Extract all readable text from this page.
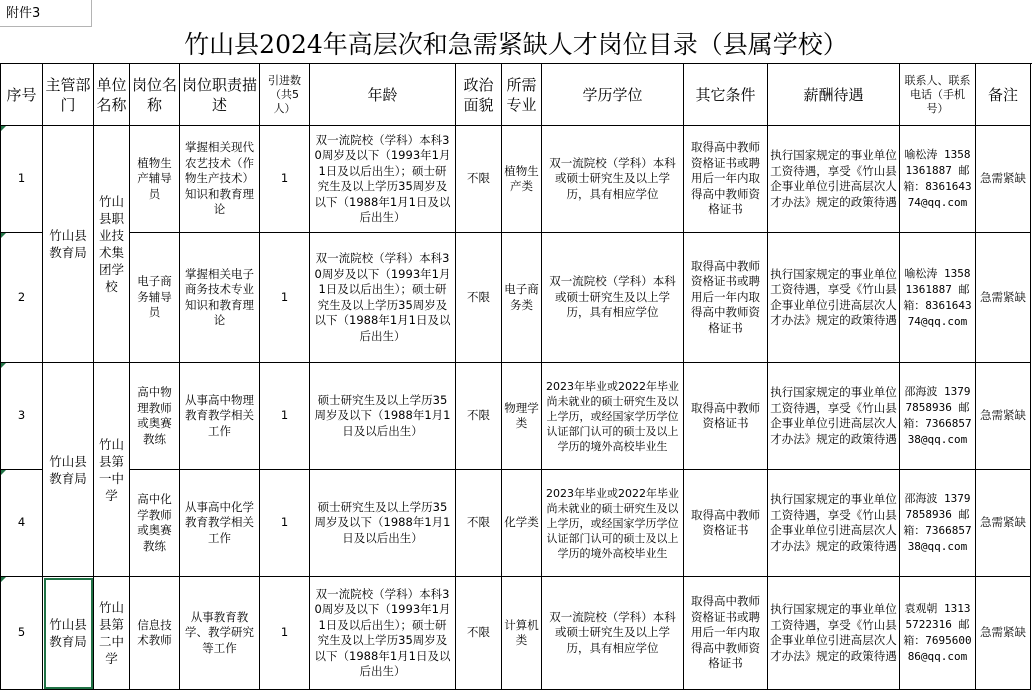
附件3
竹山县2024年高层次和急需紧缺人才岗位目录（县属学校）
序号	主管部门	单位名称	岗位名称	岗位职责描述	引进数（共5人）	年龄	政治面貌	所需专业	学历学位	其它条件	薪酬待遇	联系人、联系电话（手机号）	备注
1	竹山县教育局	竹山县职业技术集团学校	植物生产辅导员	掌握相关现代农艺技术（作物生产技术）知识和教育理论	1	双一流院校（学科）本科30周岁及以下（1993年1月1日及以后出生）；硕士研究生及以上学历35周岁及以下（1988年1月1日及以后出生）	不限	植物生产类	双一流院校（学科）本科或硕士研究生及以上学历，具有相应学位	取得高中教师资格证书或聘用后一年内取得高中教师资格证书	执行国家规定的事业单位工资待遇，享受《竹山县企事业单位引进高层次人才办法》规定的政策待遇	喻松涛 13581361887 邮箱：836164374@qq.com	急需紧缺
2			电子商务辅导员	掌握相关电子商务技术专业知识和教育理论	1	双一流院校（学科）本科30周岁及以下（1993年1月1日及以后出生）；硕士研究生及以上学历35周岁及以下（1988年1月1日及以后出生）	不限	电子商务类	双一流院校（学科）本科或硕士研究生及以上学历，具有相应学位	取得高中教师资格证书或聘用后一年内取得高中教师资格证书	执行国家规定的事业单位工资待遇，享受《竹山县企事业单位引进高层次人才办法》规定的政策待遇	喻松涛 13581361887 邮箱：836164374@qq.com	急需紧缺
3	竹山县教育局	竹山县第一中学	高中物理教师或奥赛教练	从事高中物理教育教学相关工作	1	硕士研究生及以上学历35周岁及以下（1988年1月1日及以后出生）	不限	物理学类	2023年毕业或2022年毕业尚未就业的硕士研究生及以上学历，或经国家学历学位认证部门认可的硕士及以上学历的境外高校毕业生	取得高中教师资格证书	执行国家规定的事业单位工资待遇，享受《竹山县企事业单位引进高层次人才办法》规定的政策待遇	邵海波 13797858936 邮箱：736685738@qq.com	急需紧缺
4			高中化学教师或奥赛教练	从事高中化学教育教学相关工作	1	硕士研究生及以上学历35周岁及以下（1988年1月1日及以后出生）	不限	化学类	2023年毕业或2022年毕业尚未就业的硕士研究生及以上学历，或经国家学历学位认证部门认可的硕士及以上学历的境外高校毕业生	取得高中教师资格证书	执行国家规定的事业单位工资待遇，享受《竹山县企事业单位引进高层次人才办法》规定的政策待遇	邵海波 13797858936 邮箱：736685738@qq.com	急需紧缺
5	竹山县教育局	竹山县第二中学	信息技术教师	从事教育教学、教学研究等工作	1	双一流院校（学科）本科30周岁及以下（1993年1月1日及以后出生）；硕士研究生及以上学历35周岁及以下（1988年1月1日及以后出生）	不限	计算机类	双一流院校（学科）本科或硕士研究生及以上学历，具有相应学位	取得高中教师资格证书或聘用后一年内取得高中教师资格证书	执行国家规定的事业单位工资待遇，享受《竹山县企事业单位引进高层次人才办法》规定的政策待遇	袁观朝 13135722316 邮箱：769560086@qq.com	急需紧缺
